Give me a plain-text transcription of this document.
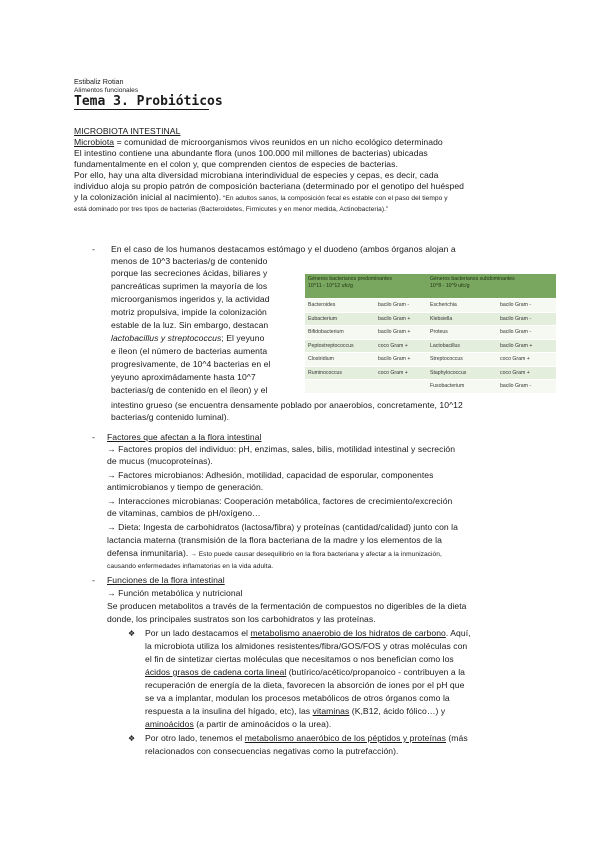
Estibaliz Rotian
Alimentos funcionales
Tema 3. Probióticos
MICROBIOTA INTESTINAL
Microbiota = comunidad de microorganismos vivos reunidos en un nicho ecológico determinado
El intestino contiene una abundante flora (unos 100.000 mil millones de bacterias) ubicadas
fundamentalmente en el colon y, que comprenden cientos de especies de bacterias.
Por ello, hay una alta diversidad microbiana interindividual de especies y cepas, es decir, cada
individuo aloja su propio patrón de composición bacteriana (determinado por el genotipo del huésped
y la colonización inicial al nacimiento). “En adultos sanos, la composición fecal es estable con el paso del tiempo y
está dominado por tres tipos de bacterias (Bacteroidetes, Firmicutes y en menor medida, Actinobacteria).”
- En el caso de los humanos destacamos estómago y el duodeno (ambos órganos alojan a
menos de 10^3 bacterias/g de contenido
porque las secreciones ácidas, biliares y
pancreáticas suprimen la mayoría de los
microorganismos ingeridos y, la actividad
motriz propulsiva, impide la colonización
estable de la luz. Sin embargo, destacan
lactobacillus y streptococcus; El yeyuno
e íleon (el número de bacterias aumenta
progresivamente, de 10^4 bacterias en el
yeyuno aproximádamente hasta 10^7
bacterias/g de contenido en el íleon) y el
intestino grueso (se encuentra densamente poblado por anaerobios, concretamente, 10^12
bacterias/g contenido luminal).
Géneros bacterianos predominantes
10^11 - 10^12 ufc/g		Géneros bacterianos subdominantes
10^8 - 10^9 ufc/g	
Bacteroides	bacilo Gram -	Escherichia	bacilo Gram -
Eubacterium	bacilo Gram +	Klebsiella	bacilo Gram -
Bifidobacterium	bacilo Gram +	Proteus	bacilo Gram -
Peptostreptococcus	coco Gram +	Lactobacillus	bacilo Gram +
Clostridium	bacilo Gram +	Streptococcus	coco Gram +
Ruminococcus	coco Gram +	Staphylococcus	coco Gram +
		Fusobacterium	bacilo Gram -
- Factores que afectan a la flora intestinal
→ Factores propios del individuo: pH, enzimas, sales, bilis, motilidad intestinal y secreción
de mucus (mucoproteínas).
→ Factores microbianos: Adhesión, motilidad, capacidad de esporular, componentes
antimicrobianos y tiempo de generación.
→ Interacciones microbianas: Cooperación metabólica, factores de crecimiento/excreción
de vitaminas, cambios de pH/oxígeno…
→ Dieta: Ingesta de carbohidratos (lactosa/fibra) y proteínas (cantidad/calidad) junto con la
lactancia materna (transmisión de la flora bacteriana de la madre y los elementos de la
defensa inmunitaria). → Esto puede causar desequilibrio en la flora bacteriana y afectar a la inmunización,
causando enfermedades inflamatorias en la vida adulta.
- Funciones de la flora intestinal
→ Función metabólica y nutricional
Se producen metabolitos a través de la fermentación de compuestos no digeribles de la dieta
donde, los principales sustratos son los carbohidratos y las proteínas.
❖ Por un lado destacamos el metabolismo anaerobio de los hidratos de carbono. Aquí,
la microbiota utiliza los almidones resistentes/fibra/GOS/FOS y otras moléculas con
el fin de sintetizar ciertas moléculas que necesitamos o nos benefician como los
ácidos grasos de cadena corta lineal (butírico/acético/propanoico - contribuyen a la
recuperación de energía de la dieta, favorecen la absorción de iones por el pH que
se va a implantar, modulan los procesos metabólicos de otros órganos como la
respuesta a la insulina del hígado, etc), las vitaminas (K,B12, ácido fólico…) y
aminoácidos (a partir de aminoácidos o la urea).
❖ Por otro lado, tenemos el metabolismo anaeróbico de los péptidos y proteínas (más
relacionados con consecuencias negativas como la putrefacción).
